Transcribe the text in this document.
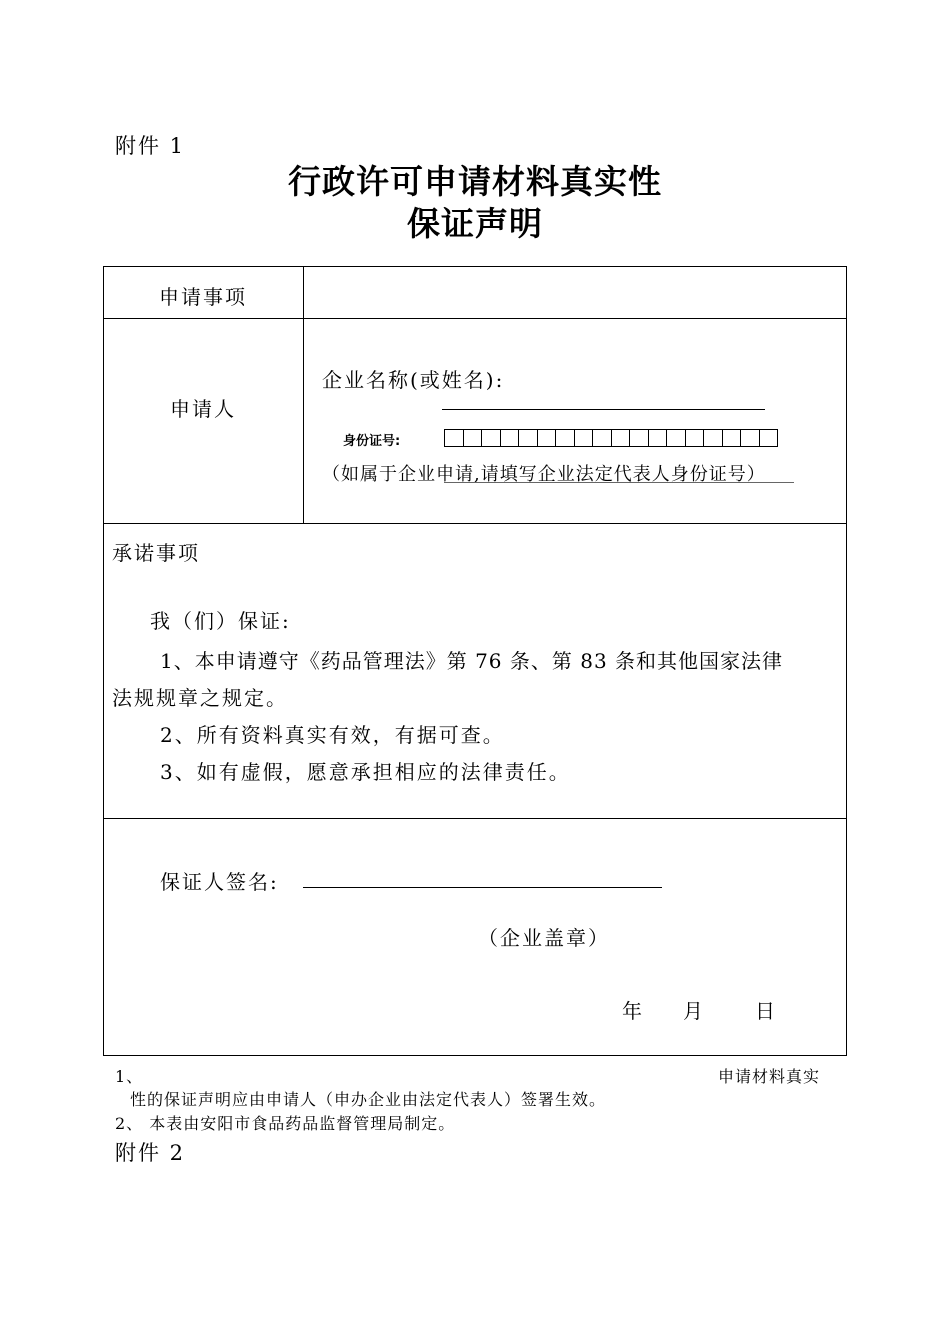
附件 1
行政许可申请材料真实性
保证声明
申请事项
申请人
企业名称(或姓名):
身份证号:
（如属于企业申请,请填写企业法定代表人身份证号）
承诺事项
我（们）保证:
1、本申请遵守《药品管理法》第 76 条、第 83 条和其他国家法律
法规规章之规定。
2、所有资料真实有效，有据可查。
3、如有虚假，愿意承担相应的法律责任。
保证人签名:
（企业盖章）
年 月	日
1、	申请材料真实
性的保证声明应由申请人（申办企业由法定代表人）签署生效。
2、 本表由安阳市食品药品监督管理局制定。
附件 2
